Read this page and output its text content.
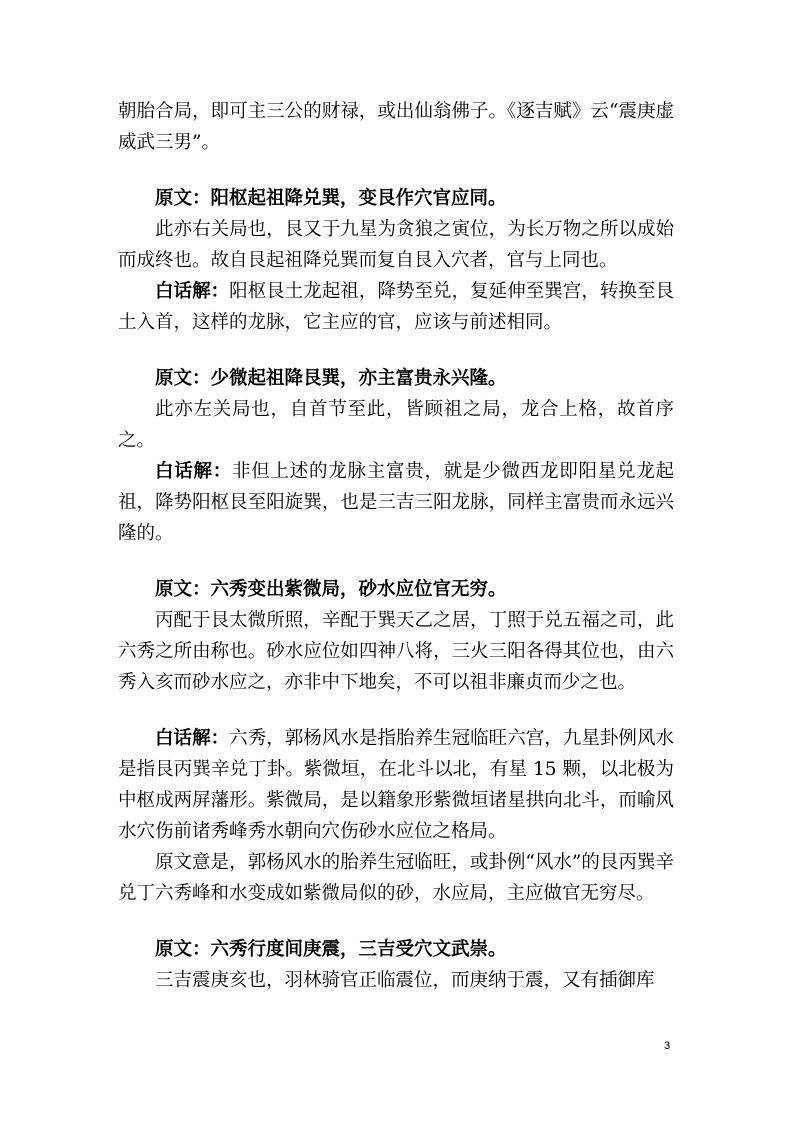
朝胎合局，即可主三公的财禄，或出仙翁佛子。《逐吉赋》云“震庚虚威武三男”。

原文：阳枢起祖降兑巽，变艮作穴官应同。

此亦右关局也，艮又于九星为贪狼之寅位，为长万物之所以成始而成终也。故自艮起祖降兑巽而复自艮入穴者，官与上同也。

白话解：阳枢艮土龙起祖，降势至兑，复延伸至巽宫，转换至艮土入首，这样的龙脉，它主应的官，应该与前述相同。

原文：少微起祖降艮巽，亦主富贵永兴隆。

此亦左关局也，自首节至此，皆顾祖之局，龙合上格，故首序之。

白话解：非但上述的龙脉主富贵，就是少微西龙即阳星兑龙起祖，降势阳枢艮至阳旋巽，也是三吉三阳龙脉，同样主富贵而永远兴隆的。

原文：六秀变出紫微局，砂水应位官无穷。

丙配于艮太微所照，辛配于巽天乙之居，丁照于兑五福之司，此六秀之所由称也。砂水应位如四神八将，三火三阳各得其位也，由六秀入亥而砂水应之，亦非中下地矣，不可以祖非廉贞而少之也。

白话解：六秀，郭杨风水是指胎养生冠临旺六宫，九星卦例风水是指艮丙巽辛兑丁卦。紫微垣，在北斗以北，有星 15 颗，以北极为中枢成两屏藩形。紫微局，是以籍象形紫微垣诸星拱向北斗，而喻风水穴伤前诸秀峰秀水朝向穴伤砂水应位之格局。

原文意是，郭杨风水的胎养生冠临旺，或卦例“风水”的艮丙巽辛兑丁六秀峰和水变成如紫微局似的砂，水应局，主应做官无穷尽。

原文：六秀行度间庚震，三吉受穴文武崇。

三吉震庚亥也，羽林骑官正临震位，而庚纳于震，又有插御库

3
